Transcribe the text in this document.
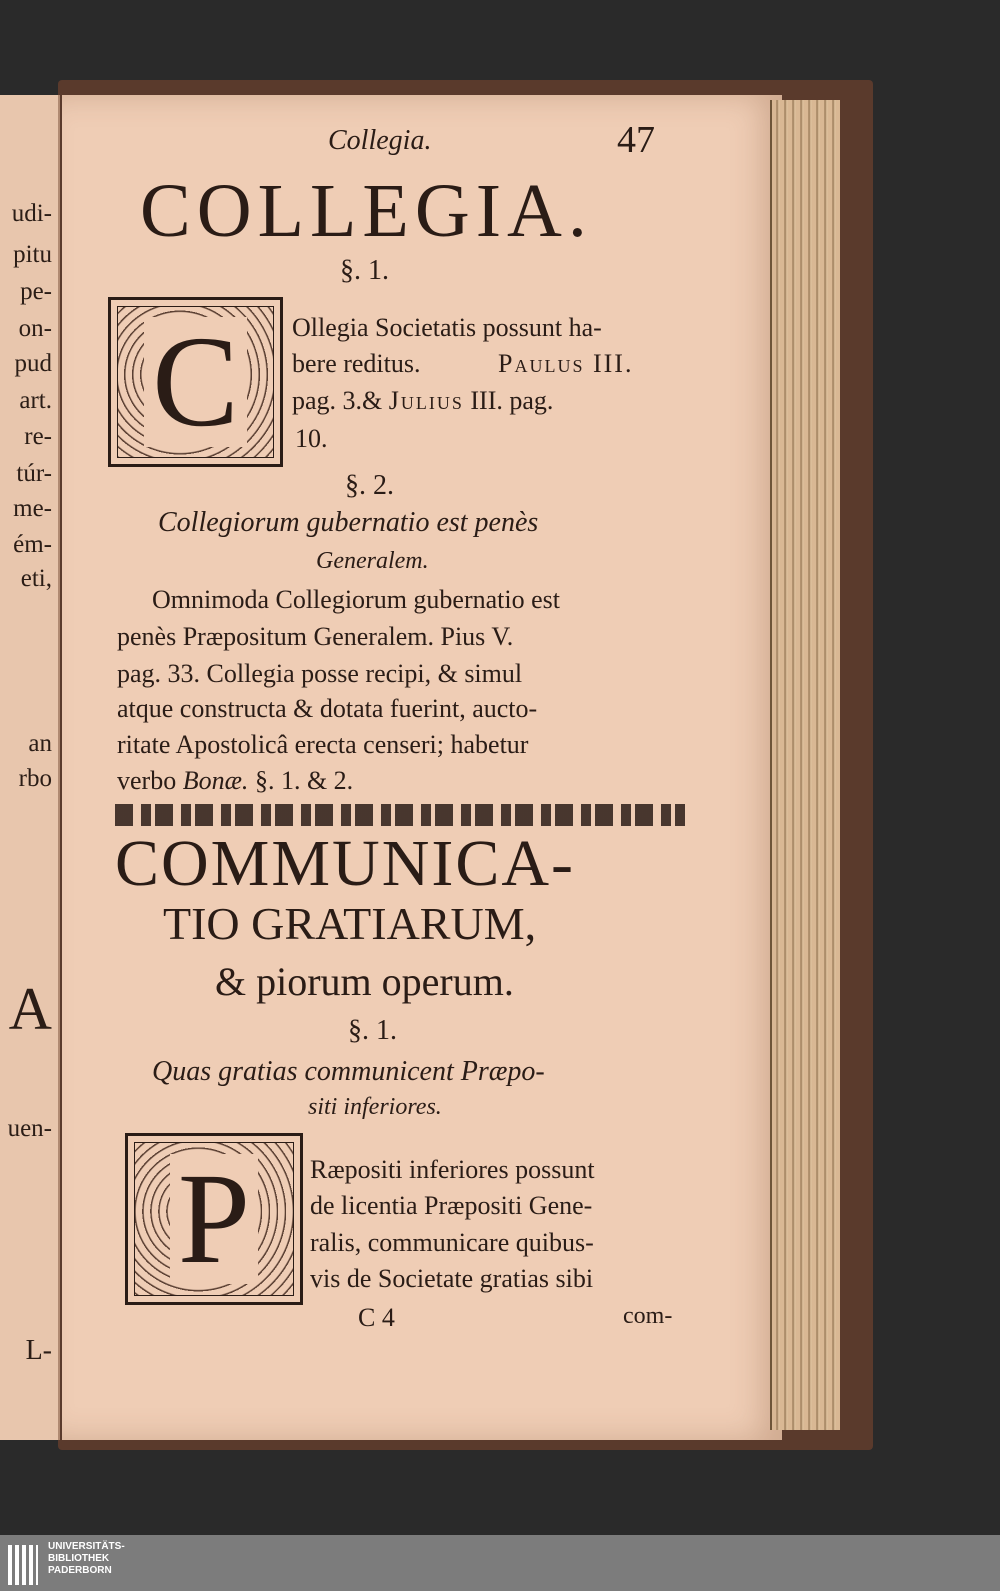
udi-
pitu
pe-
on-
pud
art.
re-
túr-
me-
ém-
eti,
an
rbo
A
uen-
L-
Collegia.	47
COLLEGIA.
§. 1.
C	Ollegia Societatis possunt ha-
bere reditus.	Paulus III.
pag. 3.& Julius III. pag.
10.
§. 2.
Collegiorum gubernatio est penès
Generalem.
Omnimoda Collegiorum gubernatio est
penès Præpositum Generalem. Pius V.
pag. 33. Collegia posse recipi, & simul
atque constructa & dotata fuerint, aucto-
ritate Apostolicâ erecta censeri; habetur
verbo Bonæ. §. 1. & 2.
COMMUNICA-
TIO GRATIARUM,
& piorum operum.
§. 1.
Quas gratias communicent Præpo-
siti inferiores.
P	Ræpositi inferiores possunt
de licentia Præpositi Gene-
ralis, communicare quibus-
vis de Societate gratias sibi
C 4	com-
UNIVERSITÄTS-
BIBLIOTHEK
PADERBORN
